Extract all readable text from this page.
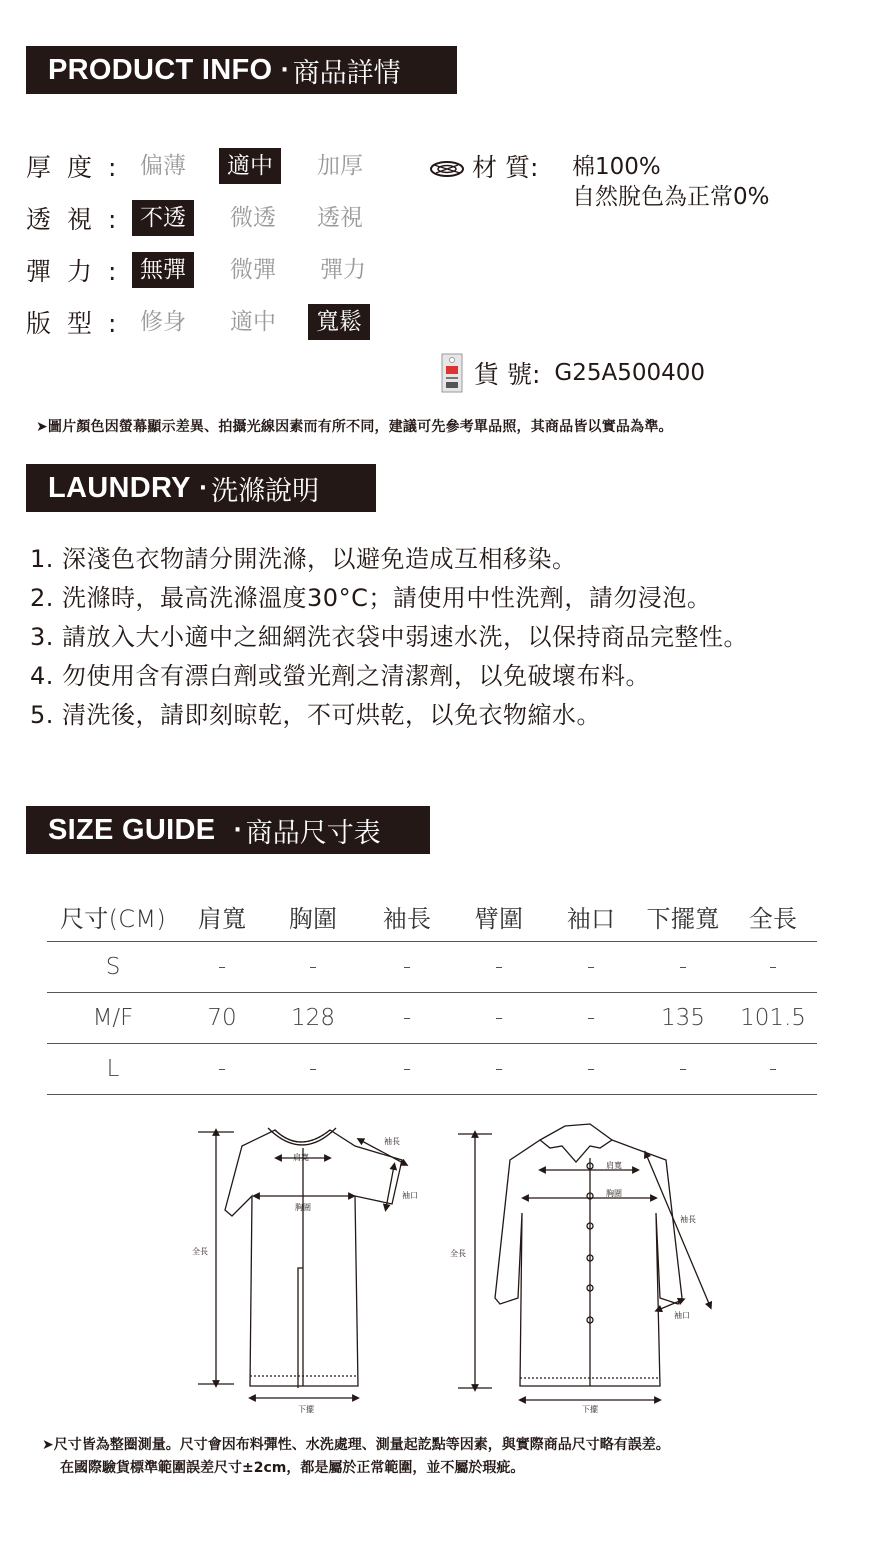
PRODUCT INFO · 商品詳情
厚度: 偏薄	適中	加厚
透視: 不透	微透	透視
彈力: 無彈	微彈	彈力
版型: 修身	適中	寬鬆
材 質: 棉100%
自然脫色為正常0%
貨 號: G25A500400
➤圖片顏色因螢幕顯示差異、拍攝光線因素而有所不同，建議可先參考單品照，其商品皆以實品為準。
LAUNDRY · 洗滌說明
1. 深淺色衣物請分開洗滌，以避免造成互相移染。
2. 洗滌時，最高洗滌溫度30°C；請使用中性洗劑，請勿浸泡。
3. 請放入大小適中之細網洗衣袋中弱速水洗，以保持商品完整性。
4. 勿使用含有漂白劑或螢光劑之清潔劑，以免破壞布料。
5. 清洗後，請即刻晾乾，不可烘乾，以免衣物縮水。
SIZE GUIDE · 商品尺寸表
尺寸(CM)	肩寬	胸圍	袖長	臂圍	袖口	下擺寬	全長
S	-	-	-	-	-	-	-
M/F	70	128	-	-	-	135	101.5
L	-	-	-	-	-	-	-
肩寬
胸圍
袖長
袖口
全長
下擺
肩寬
胸圍
袖長
袖口
全長
下擺
➤尺寸皆為整圈測量。尺寸會因布料彈性、水洗處理、測量起訖點等因素，與實際商品尺寸略有誤差。
在國際驗貨標準範圍誤差尺寸±2cm，都是屬於正常範圍，並不屬於瑕疵。
